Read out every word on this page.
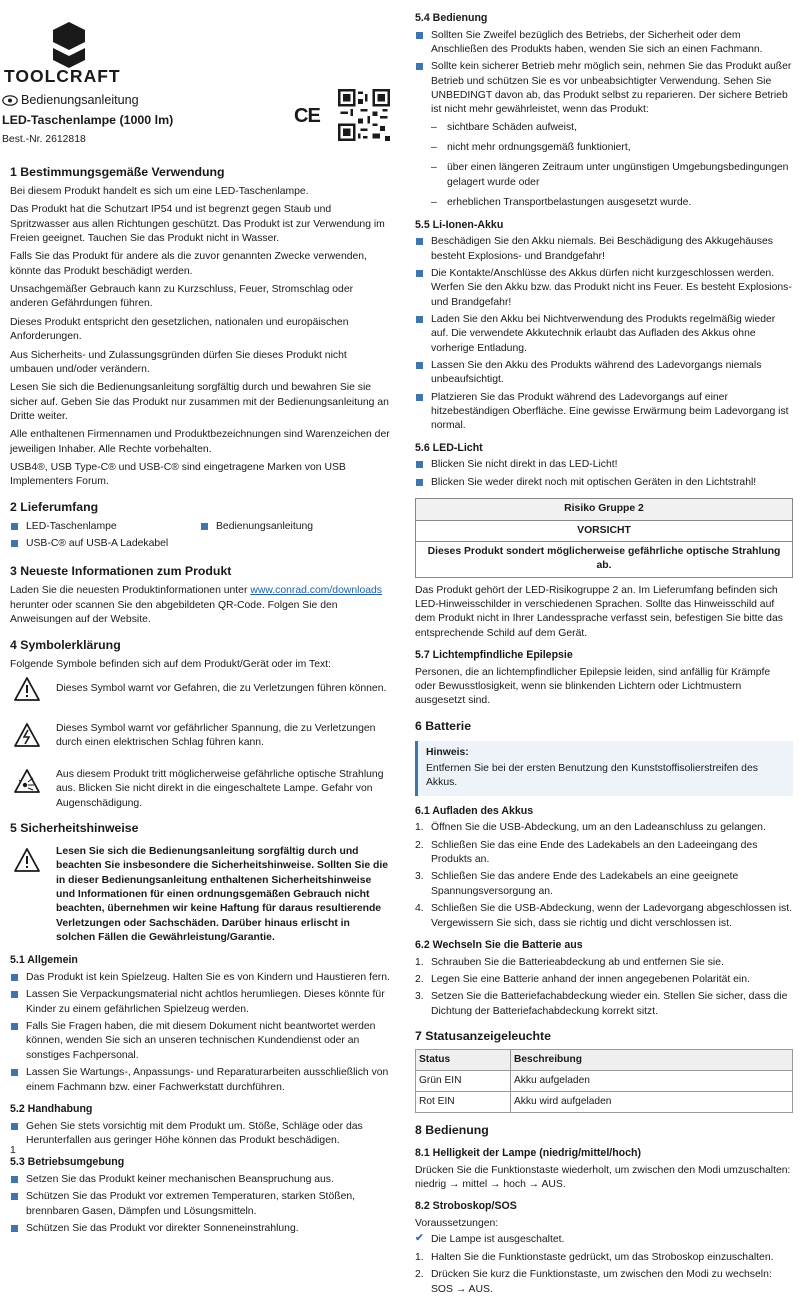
TOOLCRAFT
Bedienungsanleitung
LED-Taschenlampe (1000 lm)
Best.-Nr. 2612818
CE
1 Bestimmungsgemäße Verwendung

Bei diesem Produkt handelt es sich um eine LED-Taschenlampe.

Das Produkt hat die Schutzart IP54 und ist begrenzt gegen Staub und Spritzwasser aus allen Richtungen geschützt. Das Produkt ist zur Verwendung im Freien geeignet. Tauchen Sie das Produkt nicht in Wasser.

Falls Sie das Produkt für andere als die zuvor genannten Zwecke verwenden, könnte das Produkt beschädigt werden.

Unsachgemäßer Gebrauch kann zu Kurzschluss, Feuer, Stromschlag oder anderen Gefährdungen führen.

Dieses Produkt entspricht den gesetzlichen, nationalen und europäischen Anforderungen.

Aus Sicherheits- und Zulassungsgründen dürfen Sie dieses Produkt nicht umbauen und/oder verändern.

Lesen Sie sich die Bedienungsanleitung sorgfältig durch und bewahren Sie sie sicher auf. Geben Sie das Produkt nur zusammen mit der Bedienungsanleitung an Dritte weiter.

Alle enthaltenen Firmennamen und Produktbezeichnungen sind Warenzeichen der jeweiligen Inhaber. Alle Rechte vorbehalten.

USB4®, USB Type-C® und USB-C® sind eingetragene Marken von USB Implementers Forum.

2 Lieferumfang
LED-Taschenlampe
USB-C® auf USB-A Ladekabel
Bedienungsanleitung
3 Neueste Informationen zum Produkt

Laden Sie die neuesten Produktinformationen unter www.conrad.com/downloads herunter oder scannen Sie den abgebildeten QR-Code. Folgen Sie den Anweisungen auf der Website.

4 Symbolerklärung

Folgende Symbole befinden sich auf dem Produkt/Gerät oder im Text:

Dieses Symbol warnt vor Gefahren, die zu Verletzungen führen können.
Dieses Symbol warnt vor gefährlicher Spannung, die zu Verletzungen durch einen elektrischen Schlag führen kann.
Aus diesem Produkt tritt möglicherweise gefährliche optische Strahlung aus. Blicken Sie nicht direkt in die eingeschaltete Lampe. Gefahr von Augenschädigung.
5 Sicherheitshinweise
Lesen Sie sich die Bedienungsanleitung sorgfältig durch und beachten Sie insbesondere die Sicherheitshinweise. Sollten Sie die in dieser Bedienungsanleitung enthaltenen Sicherheitshinweise und Informationen für einen ordnungsgemäßen Gebrauch nicht beachten, übernehmen wir keine Haftung für daraus resultierende Verletzungen oder Sachschäden. Darüber hinaus erlischt in solchen Fällen die Gewährleistung/Garantie.
5.1 Allgemein
Das Produkt ist kein Spielzeug. Halten Sie es von Kindern und Haustieren fern.
Lassen Sie Verpackungsmaterial nicht achtlos herumliegen. Dieses könnte für Kinder zu einem gefährlichen Spielzeug werden.
Falls Sie Fragen haben, die mit diesem Dokument nicht beantwortet werden können, wenden Sie sich an unseren technischen Kundendienst oder an sonstiges Fachpersonal.
Lassen Sie Wartungs-, Anpassungs- und Reparaturarbeiten ausschließlich von einem Fachmann bzw. einer Fachwerkstatt durchführen.
5.2 Handhabung
Gehen Sie stets vorsichtig mit dem Produkt um. Stöße, Schläge oder das Herunterfallen aus geringer Höhe können das Produkt beschädigen.
5.3 Betriebsumgebung
Setzen Sie das Produkt keiner mechanischen Beanspruchung aus.
Schützen Sie das Produkt vor extremen Temperaturen, starken Stößen, brennbaren Gasen, Dämpfen und Lösungsmitteln.
Schützen Sie das Produkt vor direkter Sonneneinstrahlung.
5.4 Bedienung
Sollten Sie Zweifel bezüglich des Betriebs, der Sicherheit oder dem Anschließen des Produkts haben, wenden Sie sich an einen Fachmann.
Sollte kein sicherer Betrieb mehr möglich sein, nehmen Sie das Produkt außer Betrieb und schützen Sie es vor unbeabsichtigter Verwendung. Sehen Sie UNBEDINGT davon ab, das Produkt selbst zu reparieren. Der sichere Betrieb ist nicht mehr gewährleistet, wenn das Produkt:
– sichtbare Schäden aufweist,
– nicht mehr ordnungsgemäß funktioniert,
– über einen längeren Zeitraum unter ungünstigen Umgebungsbedingungen gelagert wurde oder
– erheblichen Transportbelastungen ausgesetzt wurde.
5.5 Li-Ionen-Akku
Beschädigen Sie den Akku niemals. Bei Beschädigung des Akkugehäuses besteht Explosions- und Brandgefahr!
Die Kontakte/Anschlüsse des Akkus dürfen nicht kurzgeschlossen werden. Werfen Sie den Akku bzw. das Produkt nicht ins Feuer. Es besteht Explosions- und Brandgefahr!
Laden Sie den Akku bei Nichtverwendung des Produkts regelmäßig wieder auf. Die verwendete Akkutechnik erlaubt das Aufladen des Akkus ohne vorherige Entladung.
Lassen Sie den Akku des Produkts während des Ladevorgangs niemals unbeaufsichtigt.
Platzieren Sie das Produkt während des Ladevorgangs auf einer hitzebeständigen Oberfläche. Eine gewisse Erwärmung beim Ladevorgang ist normal.
5.6 LED-Licht
Blicken Sie nicht direkt in das LED-Licht!
Blicken Sie weder direkt noch mit optischen Geräten in den Lichtstrahl!
Risiko Gruppe 2
VORSICHT
Dieses Produkt sondert möglicherweise gefährliche optische Strahlung ab.

Das Produkt gehört der LED-Risikogruppe 2 an. Im Lieferumfang befinden sich LED-Hinweisschilder in verschiedenen Sprachen. Sollte das Hinweisschild auf dem Produkt nicht in Ihrer Landessprache verfasst sein, befestigen Sie bitte das entsprechende Schild auf dem Gerät.

5.7 Lichtempfindliche Epilepsie

Personen, die an lichtempfindlicher Epilepsie leiden, sind anfällig für Krämpfe oder Bewusstlosigkeit, wenn sie blinkenden Lichtern oder Lichtmustern ausgesetzt sind.

6 Batterie
Hinweis:
Entfernen Sie bei der ersten Benutzung den Kunststoffisolierstreifen des Akkus.
6.1 Aufladen des Akkus
1. Öffnen Sie die USB-Abdeckung, um an den Ladeanschluss zu gelangen.
2. Schließen Sie das eine Ende des Ladekabels an den Ladeeingang des Produkts an.
3. Schließen Sie das andere Ende des Ladekabels an eine geeignete Spannungsversorgung an.
4. Schließen Sie die USB-Abdeckung, wenn der Ladevorgang abgeschlossen ist. Vergewissern Sie sich, dass sie richtig und dicht verschlossen ist.
6.2 Wechseln Sie die Batterie aus
1. Schrauben Sie die Batterieabdeckung ab und entfernen Sie sie.
2. Legen Sie eine Batterie anhand der innen angegebenen Polarität ein.
3. Setzen Sie die Batteriefachabdeckung wieder ein. Stellen Sie sicher, dass die Dichtung der Batteriefachabdeckung korrekt sitzt.
7 Statusanzeigeleuchte
Status	Beschreibung
Grün EIN	Akku aufgeladen
Rot EIN	Akku wird aufgeladen
8 Bedienung
8.1 Helligkeit der Lampe (niedrig/mittel/hoch)

Drücken Sie die Funktionstaste wiederholt, um zwischen den Modi umzuschalten: niedrig → mittel → hoch → AUS.

8.2 Stroboskop/SOS

Voraussetzungen:

✔ Die Lampe ist ausgeschaltet.
1. Halten Sie die Funktionstaste gedrückt, um das Stroboskop einzuschalten.
2. Drücken Sie kurz die Funktionstaste, um zwischen den Modi zu wechseln: SOS → AUS.
1
